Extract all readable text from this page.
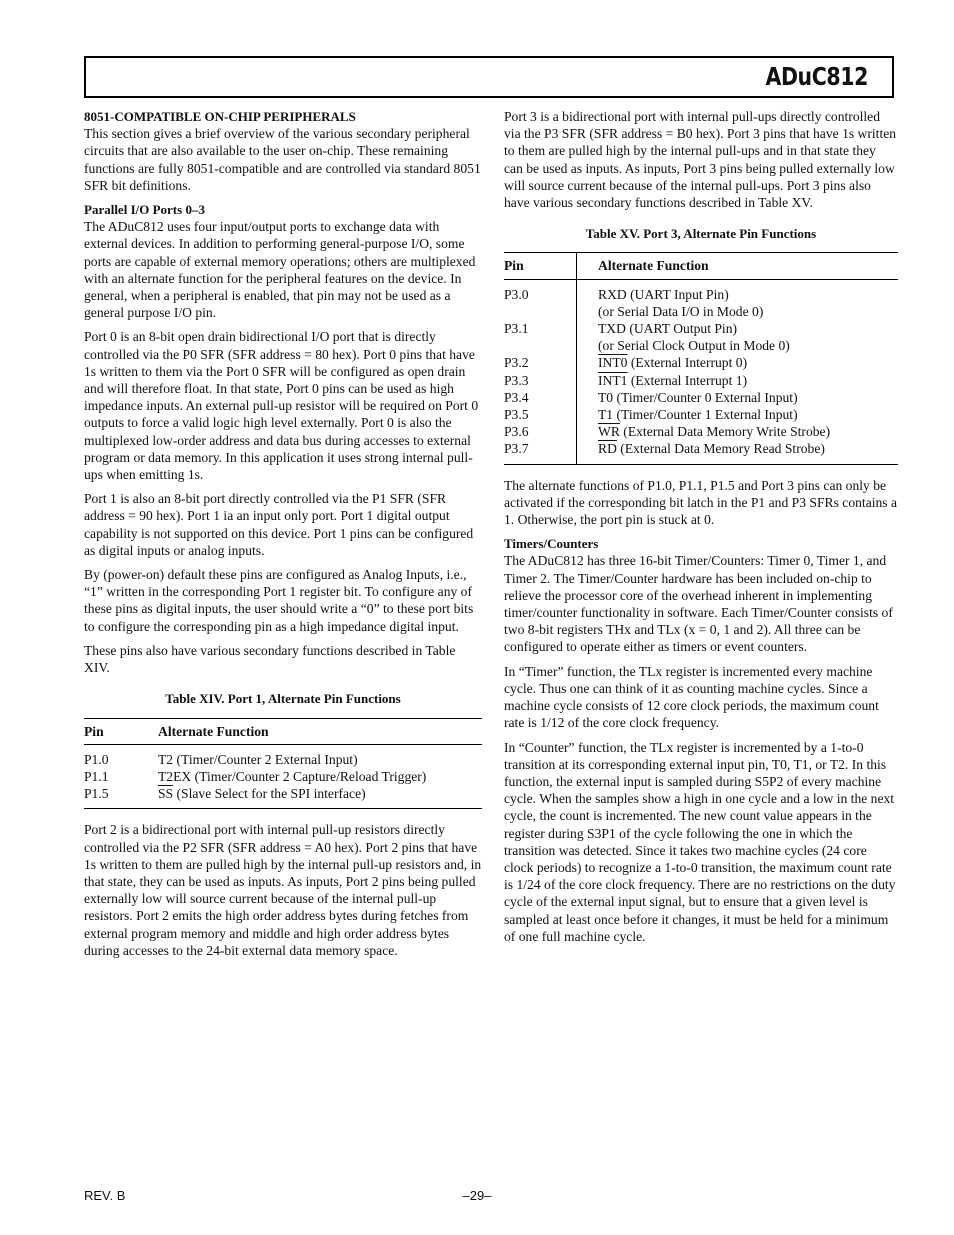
ADuC812
8051-COMPATIBLE ON-CHIP PERIPHERALS

This section gives a brief overview of the various secondary peripheral circuits that are also available to the user on-chip. These remaining functions are fully 8051-compatible and are controlled via standard 8051 SFR bit definitions.

Parallel I/O Ports 0–3

The ADuC812 uses four input/output ports to exchange data with external devices. In addition to performing general-purpose I/O, some ports are capable of external memory operations; others are multiplexed with an alternate function for the peripheral features on the device. In general, when a peripheral is enabled, that pin may not be used as a general purpose I/O pin.

Port 0 is an 8-bit open drain bidirectional I/O port that is directly controlled via the P0 SFR (SFR address = 80 hex). Port 0 pins that have 1s written to them via the Port 0 SFR will be configured as open drain and will therefore float. In that state, Port 0 pins can be used as high impedance inputs. An external pull-up resistor will be required on Port 0 outputs to force a valid logic high level externally. Port 0 is also the multiplexed low-order address and data bus during accesses to external program or data memory. In this application it uses strong internal pull-ups when emitting 1s.

Port 1 is also an 8-bit port directly controlled via the P1 SFR (SFR address = 90 hex). Port 1 ia an input only port. Port 1 digital output capability is not supported on this device. Port 1 pins can be configured as digital inputs or analog inputs.

By (power-on) default these pins are configured as Analog Inputs, i.e., “1” written in the corresponding Port 1 register bit. To configure any of these pins as digital inputs, the user should write a “0” to these port bits to configure the corresponding pin as a high impedance digital input.

These pins also have various secondary functions described in Table XIV.

Table XIV. Port 1, Alternate Pin Functions
Pin	Alternate Function
P1.0	T2 (Timer/Counter 2 External Input)
P1.1	T2EX (Timer/Counter 2 Capture/Reload Trigger)
P1.5	$\overline{SS}$ (Slave Select for the SPI interface)

Port 2 is a bidirectional port with internal pull-up resistors directly controlled via the P2 SFR (SFR address = A0 hex). Port 2 pins that have 1s written to them are pulled high by the internal pull-up resistors and, in that state, they can be used as inputs. As inputs, Port 2 pins being pulled externally low will source current because of the internal pull-up resistors. Port 2 emits the high order address bytes during fetches from external program memory and middle and high order address bytes during accesses to the 24-bit external data memory space.

Port 3 is a bidirectional port with internal pull-ups directly controlled via the P3 SFR (SFR address = B0 hex). Port 3 pins that have 1s written to them are pulled high by the internal pull-ups and in that state they can be used as inputs. As inputs, Port 3 pins being pulled externally low will source current because of the internal pull-ups. Port 3 pins also have various secondary functions described in Table XV.

Table XV. Port 3, Alternate Pin Functions
Pin	Alternate Function
P3.0	RXD (UART Input Pin)
	(or Serial Data I/O in Mode 0)
P3.1	TXD (UART Output Pin)
	(or Serial Clock Output in Mode 0)
P3.2	INT0 (External Interrupt 0)
P3.3	INT1 (External Interrupt 1)
P3.4	T0 (Timer/Counter 0 External Input)
P3.5	T1 (Timer/Counter 1 External Input)
P3.6	$\overline{WR}$ (External Data Memory Write Strobe)
P3.7	$\overline{RD}$ (External Data Memory Read Strobe)

The alternate functions of P1.0, P1.1, P1.5 and Port 3 pins can only be activated if the corresponding bit latch in the P1 and P3 SFRs contains a 1. Otherwise, the port pin is stuck at 0.

Timers/Counters

The ADuC812 has three 16-bit Timer/Counters: Timer 0, Timer 1, and Timer 2. The Timer/Counter hardware has been included on-chip to relieve the processor core of the overhead inherent in implementing timer/counter functionality in software. Each Timer/Counter consists of two 8-bit registers THx and TLx (x = 0, 1 and 2). All three can be configured to operate either as timers or event counters.

In “Timer” function, the TLx register is incremented every machine cycle. Thus one can think of it as counting machine cycles. Since a machine cycle consists of 12 core clock periods, the maximum count rate is 1/12 of the core clock frequency.

In “Counter” function, the TLx register is incremented by a 1-to-0 transition at its corresponding external input pin, T0, T1, or T2. In this function, the external input is sampled during S5P2 of every machine cycle. When the samples show a high in one cycle and a low in the next cycle, the count is incremented. The new count value appears in the register during S3P1 of the cycle following the one in which the transition was detected. Since it takes two machine cycles (24 core clock periods) to recognize a 1-to-0 transition, the maximum count rate is 1/24 of the core clock frequency. There are no restrictions on the duty cycle of the external input signal, but to ensure that a given level is sampled at least once before it changes, it must be held for a minimum of one full machine cycle.

REV. B	–29–
